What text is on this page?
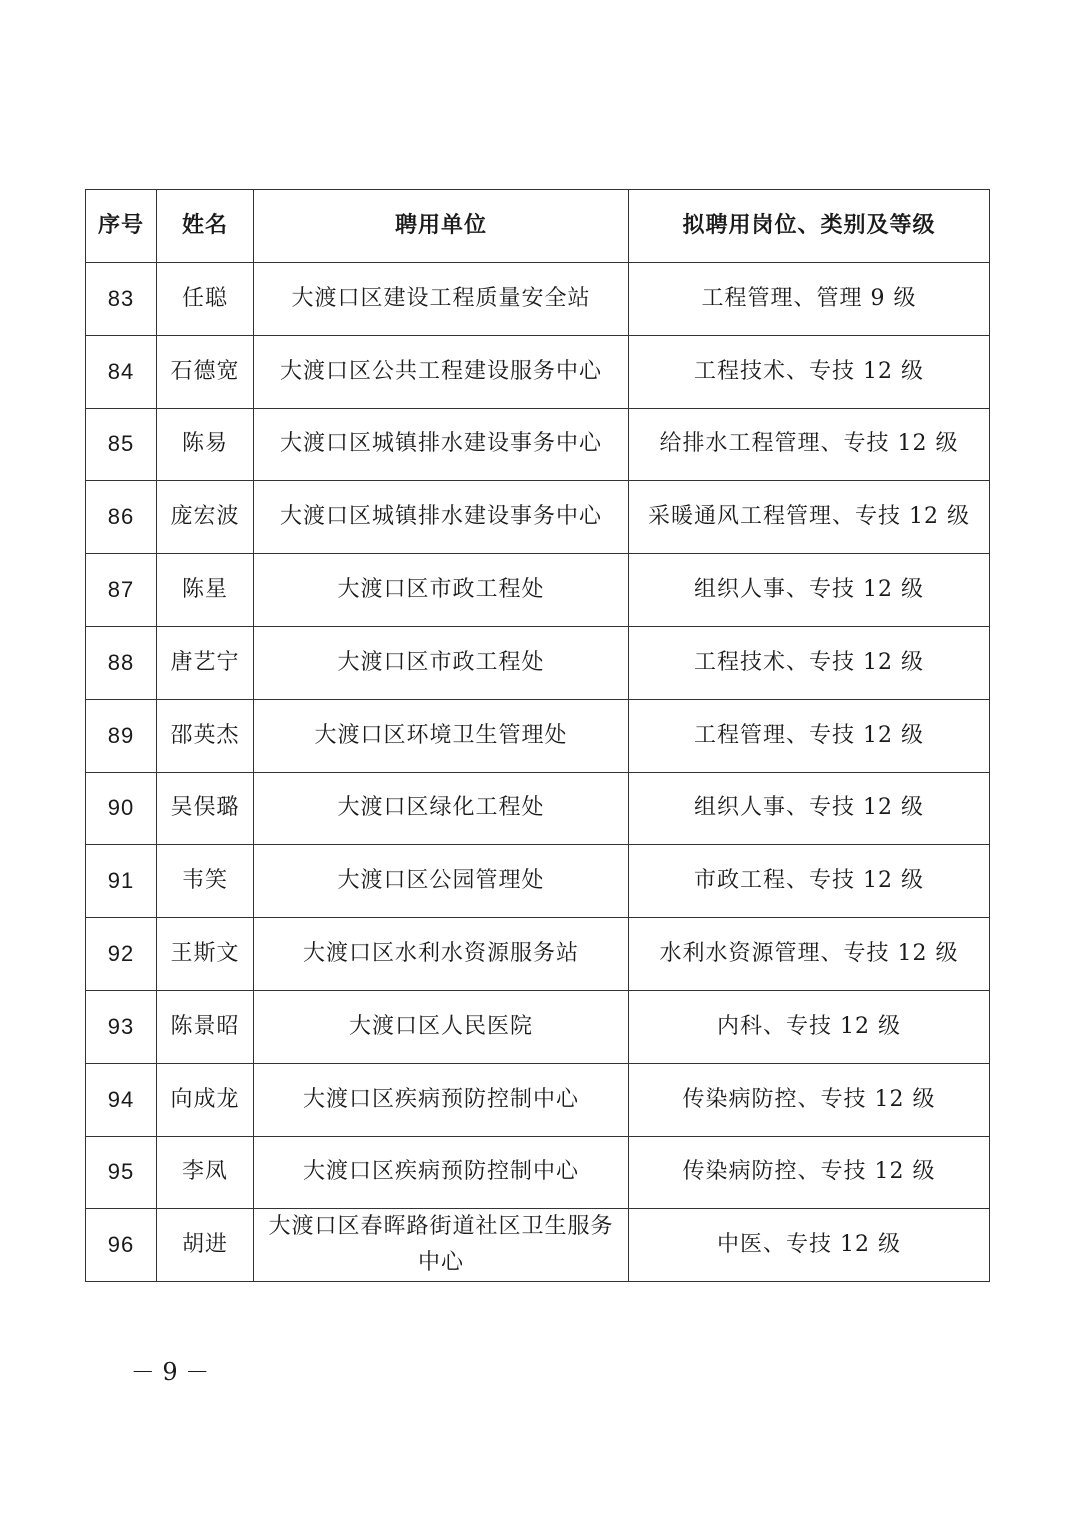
序号	姓名	聘用单位	拟聘用岗位、类别及等级
83	任聪	大渡口区建设工程质量安全站	工程管理、管理 9 级
84	石德宽	大渡口区公共工程建设服务中心	工程技术、专技 12 级
85	陈易	大渡口区城镇排水建设事务中心	给排水工程管理、专技 12 级
86	庞宏波	大渡口区城镇排水建设事务中心	采暖通风工程管理、专技 12 级
87	陈星	大渡口区市政工程处	组织人事、专技 12 级
88	唐艺宁	大渡口区市政工程处	工程技术、专技 12 级
89	邵英杰	大渡口区环境卫生管理处	工程管理、专技 12 级
90	吴俣璐	大渡口区绿化工程处	组织人事、专技 12 级
91	韦笑	大渡口区公园管理处	市政工程、专技 12 级
92	王斯文	大渡口区水利水资源服务站	水利水资源管理、专技 12 级
93	陈景昭	大渡口区人民医院	内科、专技 12 级
94	向成龙	大渡口区疾病预防控制中心	传染病防控、专技 12 级
95	李凤	大渡口区疾病预防控制中心	传染病防控、专技 12 级
96	胡进	大渡口区春晖路街道社区卫生服务中心	中医、专技 12 级
－ 9 －
